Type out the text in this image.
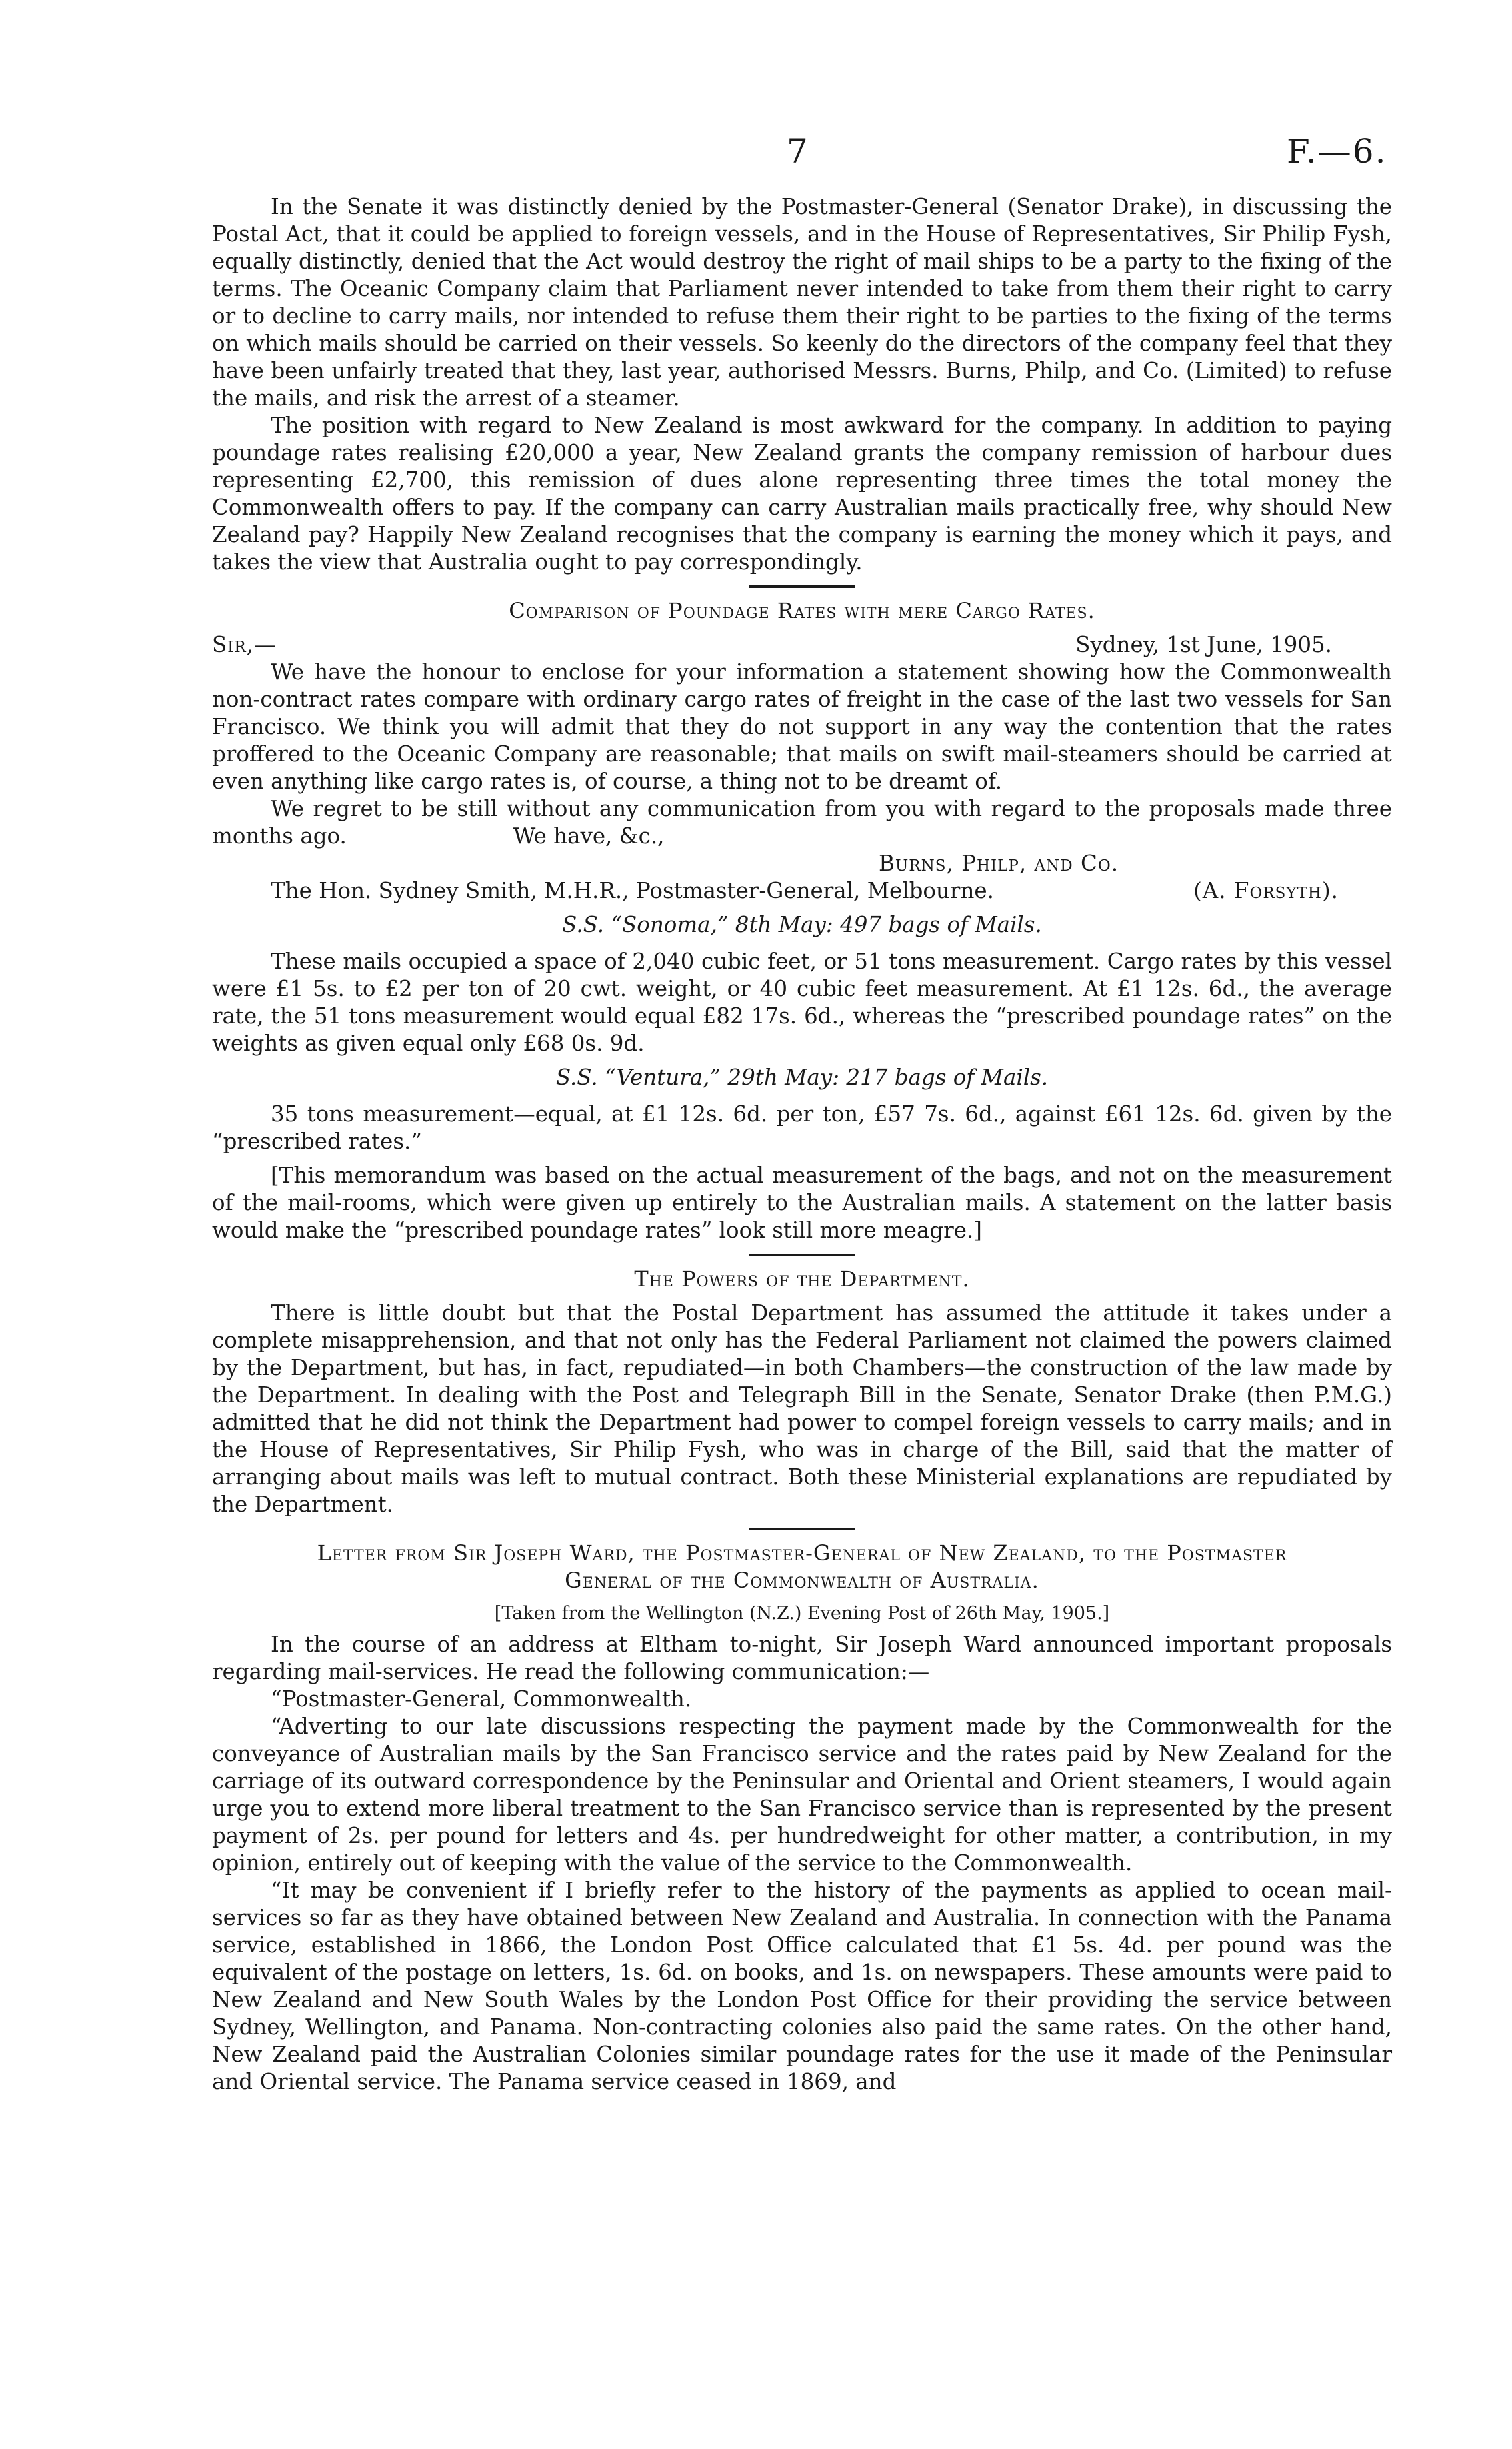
7	F.—6.

In the Senate it was distinctly denied by the Postmaster-General (Senator Drake), in discussing the Postal Act, that it could be applied to foreign vessels, and in the House of Representatives, Sir Philip Fysh, equally distinctly, denied that the Act would destroy the right of mail ships to be a party to the fixing of the terms. The Oceanic Company claim that Parliament never intended to take from them their right to carry or to decline to carry mails, nor intended to refuse them their right to be parties to the fixing of the terms on which mails should be carried on their vessels. So keenly do the directors of the company feel that they have been unfairly treated that they, last year, authorised Messrs. Burns, Philp, and Co. (Limited) to refuse the mails, and risk the arrest of a steamer.

The position with regard to New Zealand is most awkward for the company. In addition to paying poundage rates realising £20,000 a year, New Zealand grants the company remission of harbour dues representing £2,700, this remission of dues alone representing three times the total money the Commonwealth offers to pay. If the company can carry Australian mails practically free, why should New Zealand pay? Happily New Zealand recognises that the company is earning the money which it pays, and takes the view that Australia ought to pay correspondingly.

Comparison of Poundage Rates with mere Cargo Rates.
Sir,—	Sydney, 1st June, 1905.

We have the honour to enclose for your information a statement showing how the Commonwealth non-contract rates compare with ordinary cargo rates of freight in the case of the last two vessels for San Francisco. We think you will admit that they do not support in any way the contention that the rates proffered to the Oceanic Company are reasonable; that mails on swift mail-steamers should be carried at even anything like cargo rates is, of course, a thing not to be dreamt of.

We regret to be still without any communication from you with regard to the proposals made three months ago.	We have, &c.,

Burns, Philp, and Co.
The Hon. Sydney Smith, M.H.R., Postmaster-General, Melbourne.	(A. Forsyth).
S.S. “Sonoma,” 8th May: 497 bags of Mails.

These mails occupied a space of 2,040 cubic feet, or 51 tons measurement. Cargo rates by this vessel were £1 5s. to £2 per ton of 20 cwt. weight, or 40 cubic feet measurement. At £1 12s. 6d., the average rate, the 51 tons measurement would equal £82 17s. 6d., whereas the “prescribed poundage rates” on the weights as given equal only £68 0s. 9d.

S.S. “Ventura,” 29th May: 217 bags of Mails.

35 tons measurement—equal, at £1 12s. 6d. per ton, £57 7s. 6d., against £61 12s. 6d. given by the “prescribed rates.”

[This memorandum was based on the actual measurement of the bags, and not on the measurement of the mail-rooms, which were given up entirely to the Australian mails. A statement on the latter basis would make the “prescribed poundage rates” look still more meagre.]

The Powers of the Department.

There is little doubt but that the Postal Department has assumed the attitude it takes under a complete misapprehension, and that not only has the Federal Parliament not claimed the powers claimed by the Department, but has, in fact, repudiated—in both Chambers—the construction of the law made by the Department. In dealing with the Post and Telegraph Bill in the Senate, Senator Drake (then P.M.G.) admitted that he did not think the Department had power to compel foreign vessels to carry mails; and in the House of Representatives, Sir Philip Fysh, who was in charge of the Bill, said that the matter of arranging about mails was left to mutual contract. Both these Ministerial explanations are repudiated by the Department.

Letter from Sir Joseph Ward, the Postmaster-General of New Zealand, to the Postmaster
General of the Commonwealth of Australia.
[Taken from the Wellington (N.Z.) Evening Post of 26th May, 1905.]

In the course of an address at Eltham to-night, Sir Joseph Ward announced important proposals regarding mail-services. He read the following communication:—

“Postmaster-General, Commonwealth.

“Adverting to our late discussions respecting the payment made by the Commonwealth for the conveyance of Australian mails by the San Francisco service and the rates paid by New Zealand for the carriage of its outward correspondence by the Peninsular and Oriental and Orient steamers, I would again urge you to extend more liberal treatment to the San Francisco service than is represented by the present payment of 2s. per pound for letters and 4s. per hundredweight for other matter, a contribution, in my opinion, entirely out of keeping with the value of the service to the Commonwealth.

“It may be convenient if I briefly refer to the history of the payments as applied to ocean mail-services so far as they have obtained between New Zealand and Australia. In connection with the Panama service, established in 1866, the London Post Office calculated that £1 5s. 4d. per pound was the equivalent of the postage on letters, 1s. 6d. on books, and 1s. on newspapers. These amounts were paid to New Zealand and New South Wales by the London Post Office for their providing the service between Sydney, Wellington, and Panama. Non-contracting colonies also paid the same rates. On the other hand, New Zealand paid the Australian Colonies similar poundage rates for the use it made of the Peninsular and Oriental service. The Panama service ceased in 1869, and
